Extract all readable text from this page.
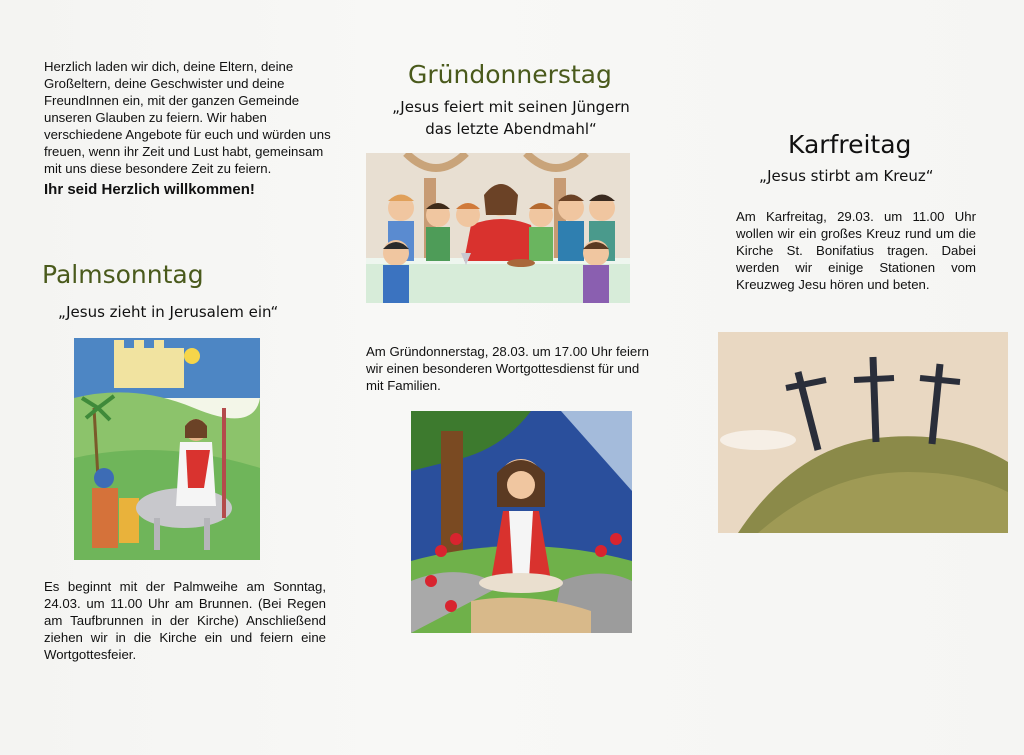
Herzlich laden wir dich, deine Eltern, deine Großeltern, deine Geschwister und deine FreundInnen ein, mit der ganzen Gemeinde unseren Glauben zu feiern. Wir haben verschiedene Angebote für euch und würden uns freuen, wenn ihr Zeit und Lust habt, gemeinsam mit uns diese besondere Zeit zu feiern.
Ihr seid Herzlich willkommen!
Palmsonntag
„Jesus zieht in Jerusalem ein“
Es beginnt mit der Palmweihe am Sonntag, 24.03. um 11.00 Uhr am Brunnen. (Bei Regen am Taufbrunnen in der Kirche) Anschließend ziehen wir in die Kirche ein und feiern eine Wortgottesfeier.
Gründonnerstag
„Jesus feiert mit seinen Jüngern
das letzte Abendmahl“
Am Gründonnerstag, 28.03. um 17.00 Uhr feiern wir einen besonderen Wortgottesdienst für und mit Familien.
Karfreitag
„Jesus stirbt am Kreuz“
Am Karfreitag, 29.03. um 11.00 Uhr wollen wir ein großes Kreuz rund um die Kirche St. Bonifatius tragen. Dabei werden wir einige Stationen vom Kreuzweg Jesu hören und beten.
